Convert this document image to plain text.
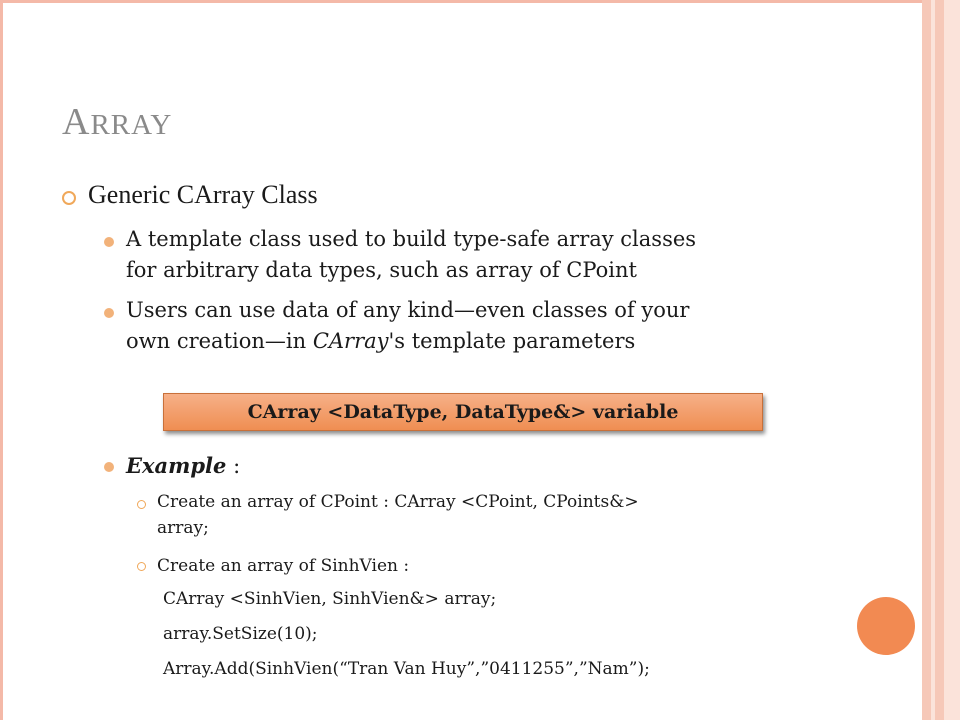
ARRAY
Generic CArray Class
A template class used to build type-safe array classes
for arbitrary data types, such as array of CPoint
Users can use data of any kind—even classes of your
own creation—in CArray's template parameters
CArray <DataType, DataType&> variable
Example :
Create an array of CPoint : CArray <CPoint, CPoints&>
array;
Create an array of SinhVien :
CArray <SinhVien, SinhVien&> array;
array.SetSize(10);
Array.Add(SinhVien(“Tran Van Huy”,”0411255”,”Nam”);
